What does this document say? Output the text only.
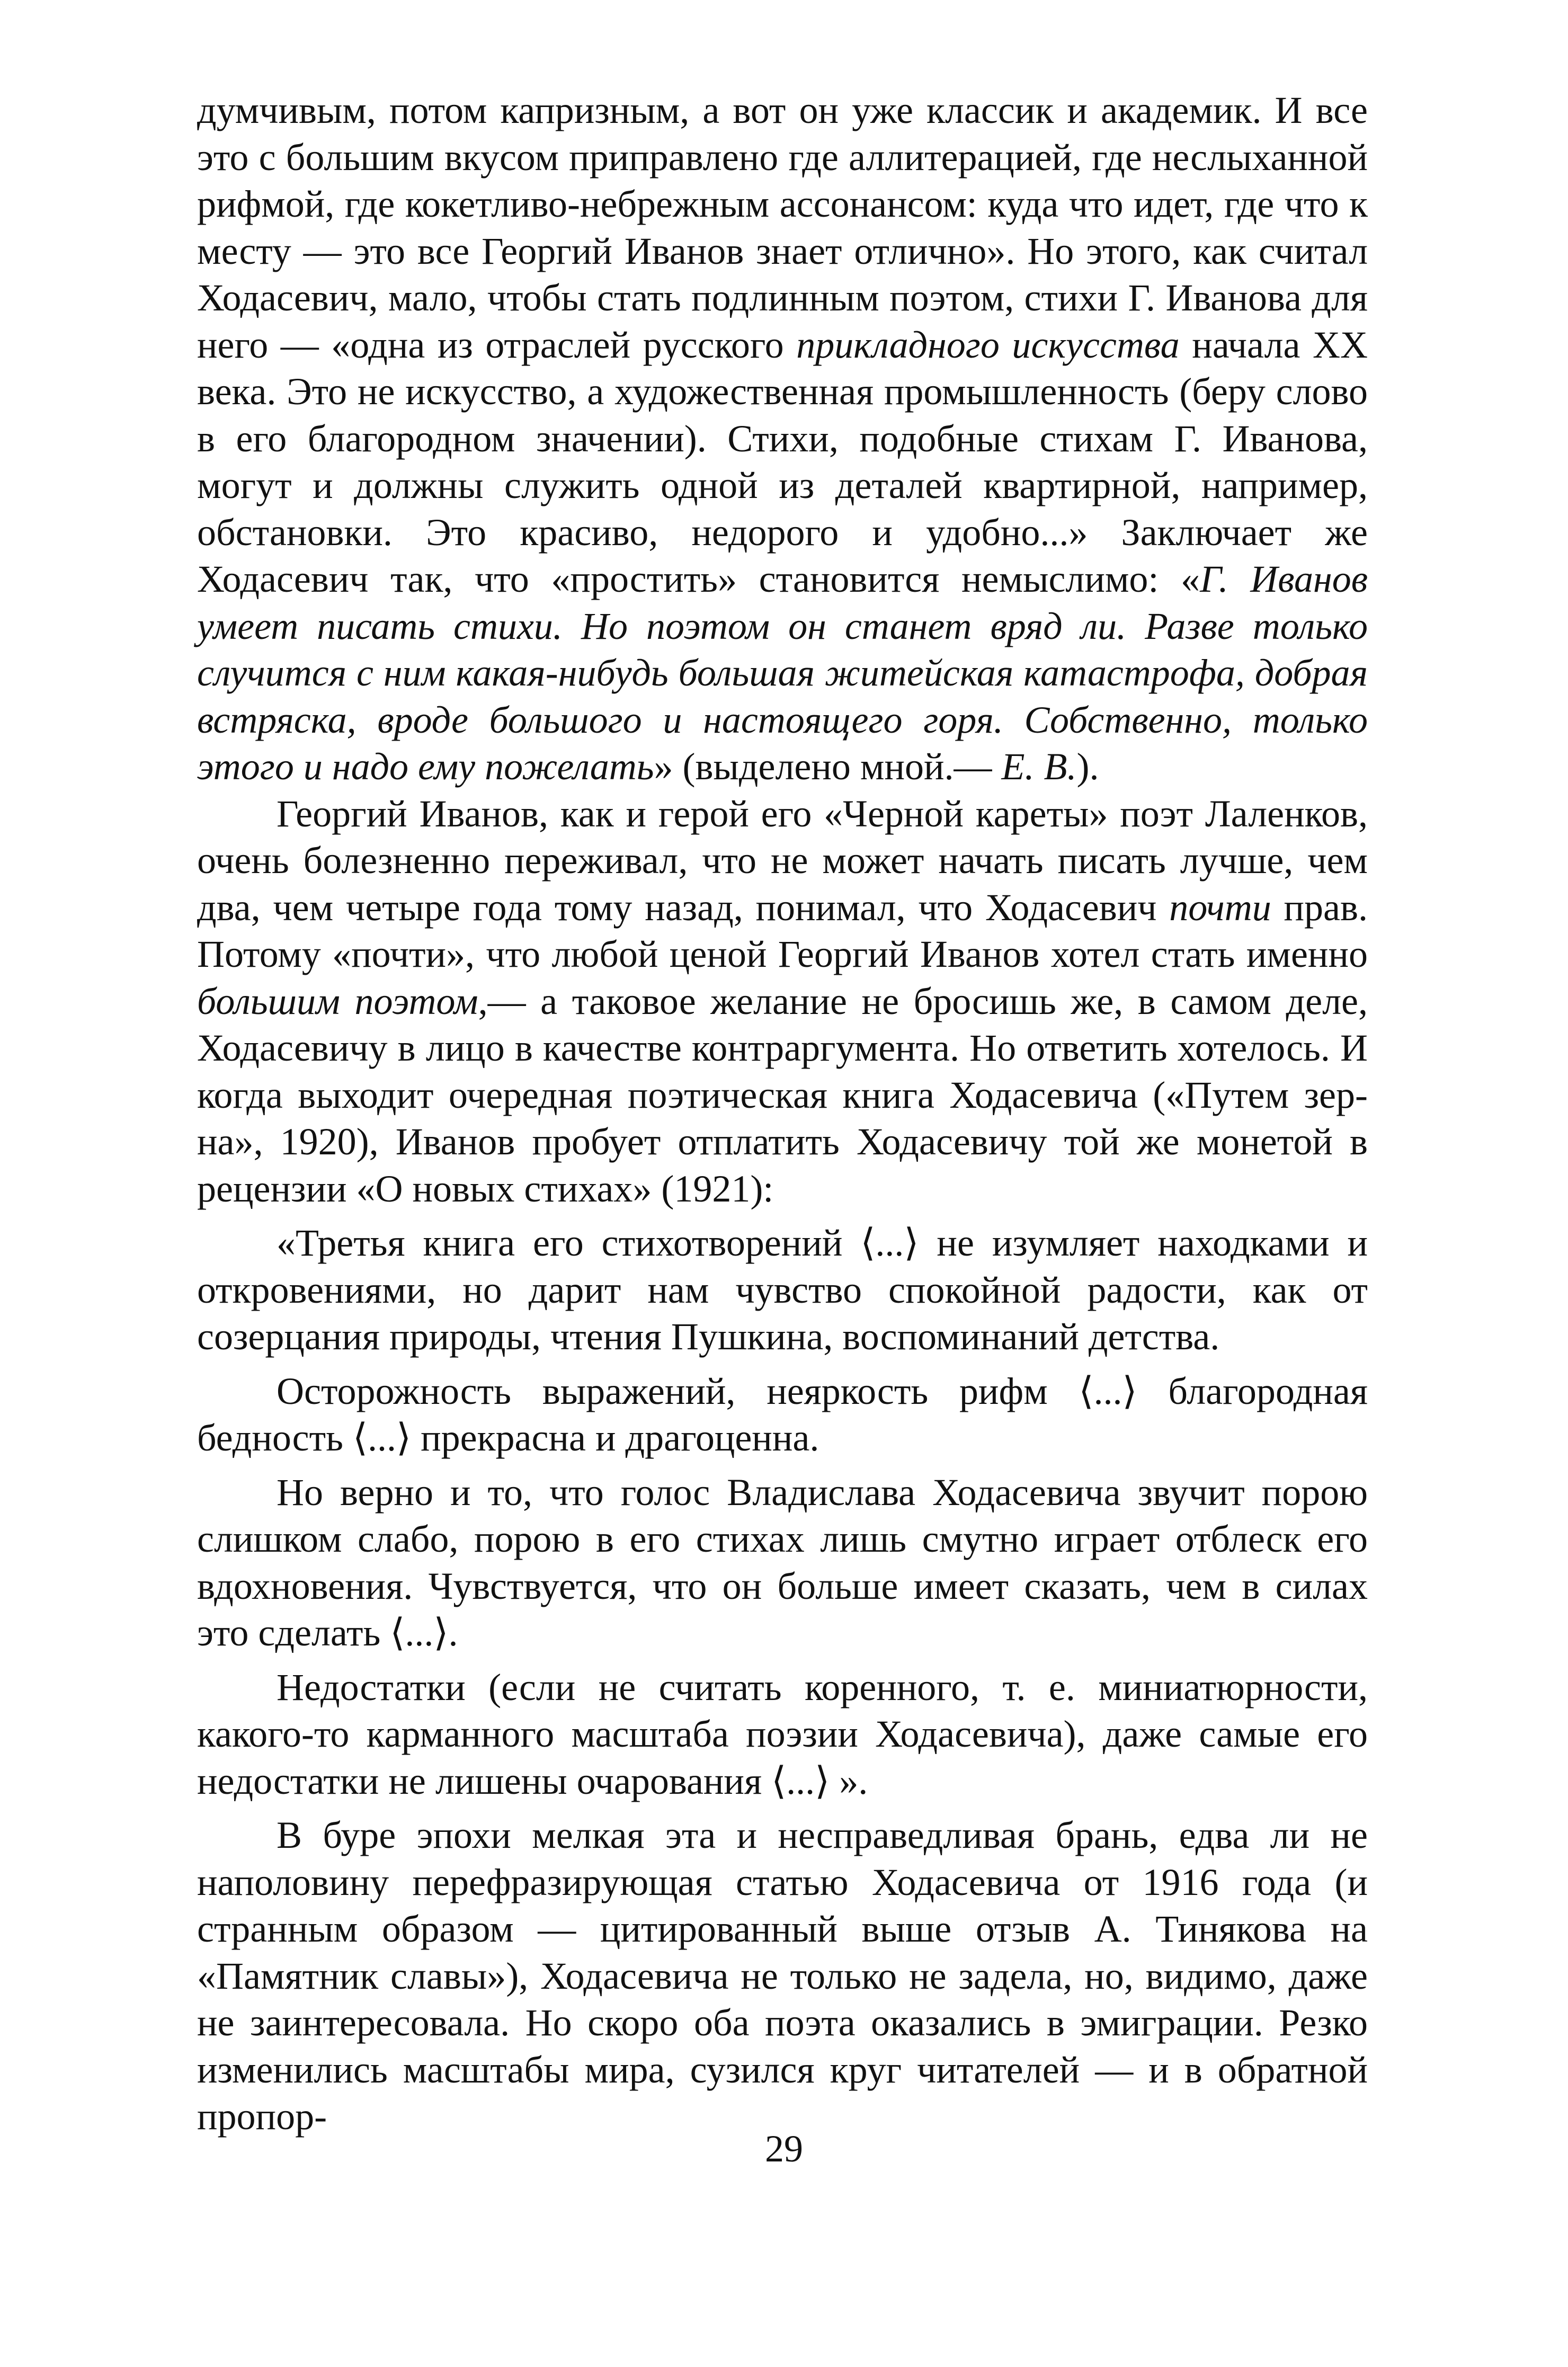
думчивым, потом капризным, а вот он уже классик и академик. И все это с большим вкусом приправлено где аллитерацией, где неслыханной рифмой, где кокетливо-небрежным ассонансом: куда что идет, где что к месту — это все Георгий Иванов знает отлично». Но этого, как считал Ходасевич, мало, чтобы стать подлинным поэтом, стихи Г. Иванова для него — «одна из отраслей русского прикладного искусства начала XX века. Это не искусство, а художественная промышленность (беру слово в его благородном значении). Стихи, подобные стихам Г. Иванова, могут и должны служить одной из деталей квартирной, например, обстановки. Это красиво, недорого и удобно...» Заключает же Ходасевич так, что «простить» становится немыслимо: «Г. Иванов умеет писать стихи. Но поэтом он станет вряд ли. Разве только случится с ним какая-нибудь большая житейская катастрофа, добрая встряска, вроде большого и настоящего горя. Собственно, только этого и надо ему пожелать» (выделено мной.— Е. В.).

Георгий Иванов, как и герой его «Черной кареты» поэт Лаленков, очень болезненно переживал, что не может начать писать лучше, чем два, чем четыре года тому назад, понимал, что Ходасевич почти прав. Потому «почти», что любой ценой Георгий Иванов хотел стать именно большим поэтом,— а таковое желание не бросишь же, в самом деле, Ходасевичу в лицо в качестве контраргумента. Но ответить хотелось. И когда выходит очередная поэтическая книга Ходасевича («Путем зерна», 1920), Иванов пробует отплатить Ходасевичу той же монетой в рецензии «О новых стихах» (1921):

«Третья книга его стихотворений ⟨...⟩ не изумляет находками и откровениями, но дарит нам чувство спокойной радости, как от созерцания природы, чтения Пушкина, воспоминаний детства.

Осторожность выражений, неяркость рифм ⟨...⟩ благородная бедность ⟨...⟩ прекрасна и драгоценна.

Но верно и то, что голос Владислава Ходасевича звучит порою слишком слабо, порою в его стихах лишь смутно играет отблеск его вдохновения. Чувствуется, что он больше имеет сказать, чем в силах это сделать ⟨...⟩.

Недостатки (если не считать коренного, т. е. миниатюрности, какого-то карманного масштаба поэзии Ходасевича), даже самые его недостатки не лишены очарования ⟨...⟩ ».

В буре эпохи мелкая эта и несправедливая брань, едва ли не наполовину перефразирующая статью Ходасевича от 1916 года (и странным образом — цитированный выше отзыв А. Тинякова на «Памятник славы»), Ходасевича не только не задела, но, видимо, даже не заинтересовала. Но скоро оба поэта оказались в эмиграции. Резко изменились масштабы мира, сузился круг читателей — и в обратной пропор-

29
